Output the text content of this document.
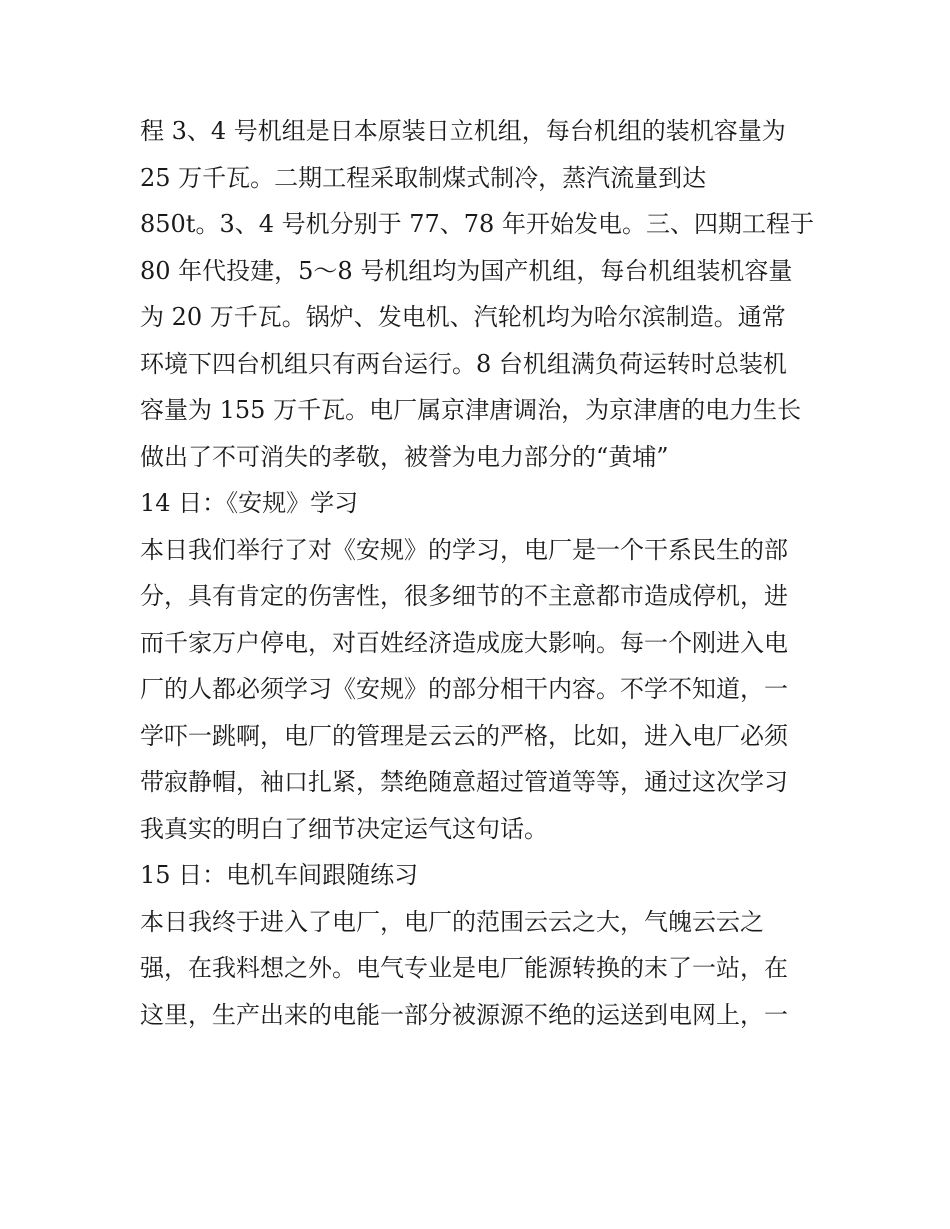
程 3、4 号机组是日本原装日立机组，每台机组的装机容量为
25 万千瓦。二期工程采取制煤式制冷，蒸汽流量到达
850t。3、4 号机分别于 77、78 年开始发电。三、四期工程于
80 年代投建，5～8 号机组均为国产机组，每台机组装机容量
为 20 万千瓦。锅炉、发电机、汽轮机均为哈尔滨制造。通常
环境下四台机组只有两台运行。8 台机组满负荷运转时总装机
容量为 155 万千瓦。电厂属京津唐调治，为京津唐的电力生长
做出了不可消失的孝敬，被誉为电力部分的“黄埔”
14 日：《安规》学习
本日我们举行了对《安规》的学习，电厂是一个干系民生的部
分，具有肯定的伤害性，很多细节的不主意都市造成停机，进
而千家万户停电，对百姓经济造成庞大影响。每一个刚进入电
厂的人都必须学习《安规》的部分相干内容。不学不知道，一
学吓一跳啊，电厂的管理是云云的严格，比如，进入电厂必须
带寂静帽，袖口扎紧，禁绝随意超过管道等等，通过这次学习
我真实的明白了细节决定运气这句话。
15 日：电机车间跟随练习
本日我终于进入了电厂，电厂的范围云云之大，气魄云云之
强，在我料想之外。电气专业是电厂能源转换的末了一站，在
这里，生产出来的电能一部分被源源不绝的运送到电网上，一
